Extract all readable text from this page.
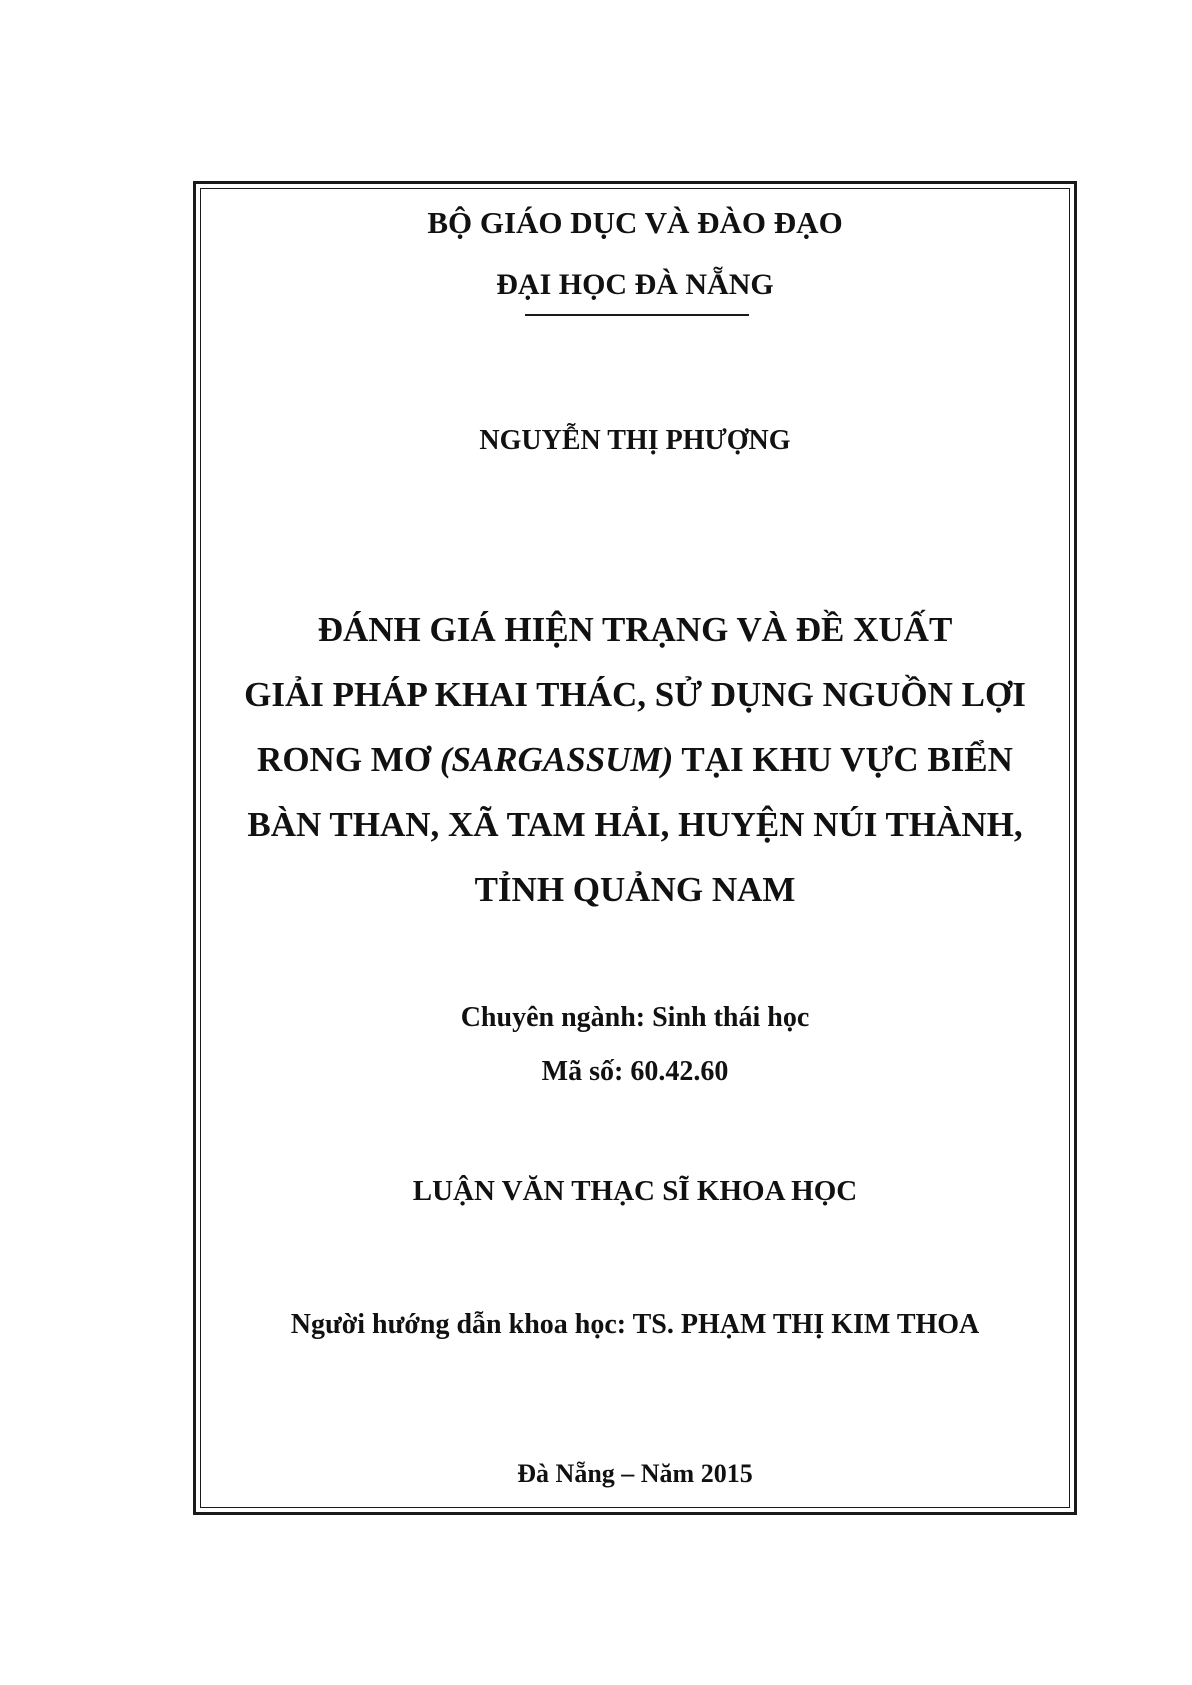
BỘ GIÁO DỤC VÀ ĐÀO ĐẠO
ĐẠI HỌC ĐÀ NẴNG
NGUYỄN THỊ PHƯỢNG
ĐÁNH GIÁ HIỆN TRẠNG VÀ ĐỀ XUẤT
GIẢI PHÁP KHAI THÁC, SỬ DỤNG NGUỒN LỢI
RONG MƠ (SARGASSUM) TẠI KHU VỰC BIỂN
BÀN THAN, XÃ TAM HẢI, HUYỆN NÚI THÀNH,
TỈNH QUẢNG NAM
Chuyên ngành: Sinh thái học
Mã số: 60.42.60
LUẬN VĂN THẠC SĨ KHOA HỌC
Người hướng dẫn khoa học: TS. PHẠM THỊ KIM THOA
Đà Nẵng – Năm 2015
